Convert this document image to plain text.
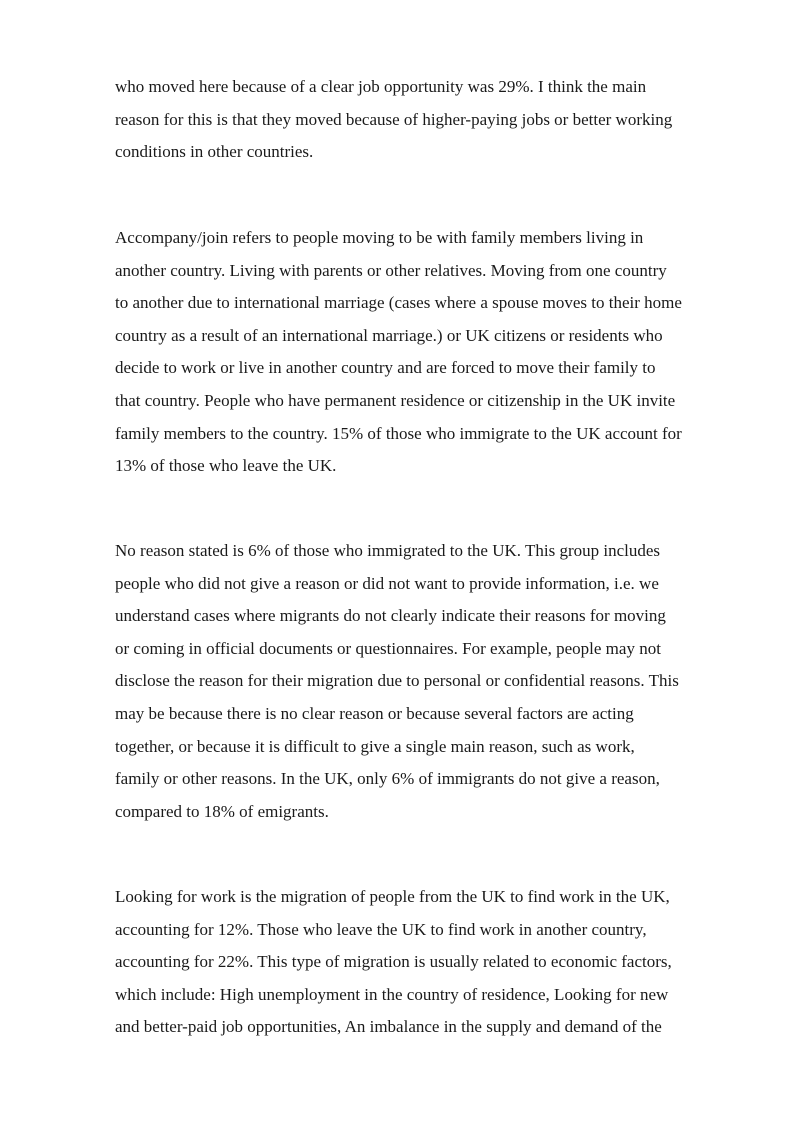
who moved here because of a clear job opportunity was 29%. I think the main
reason for this is that they moved because of higher-paying jobs or better working
conditions in other countries.
Accompany/join refers to people moving to be with family members living in
another country. Living with parents or other relatives. Moving from one country
to another due to international marriage (cases where a spouse moves to their home
country as a result of an international marriage.) or UK citizens or residents who
decide to work or live in another country and are forced to move their family to
that country. People who have permanent residence or citizenship in the UK invite
family members to the country. 15% of those who immigrate to the UK account for
13% of those who leave the UK.
No reason stated is 6% of those who immigrated to the UK. This group includes
people who did not give a reason or did not want to provide information, i.e. we
understand cases where migrants do not clearly indicate their reasons for moving
or coming in official documents or questionnaires. For example, people may not
disclose the reason for their migration due to personal or confidential reasons. This
may be because there is no clear reason or because several factors are acting
together, or because it is difficult to give a single main reason, such as work,
family or other reasons. In the UK, only 6% of immigrants do not give a reason,
compared to 18% of emigrants.
Looking for work is the migration of people from the UK to find work in the UK,
accounting for 12%. Those who leave the UK to find work in another country,
accounting for 22%. This type of migration is usually related to economic factors,
which include: High unemployment in the country of residence, Looking for new
and better-paid job opportunities, An imbalance in the supply and demand of the
